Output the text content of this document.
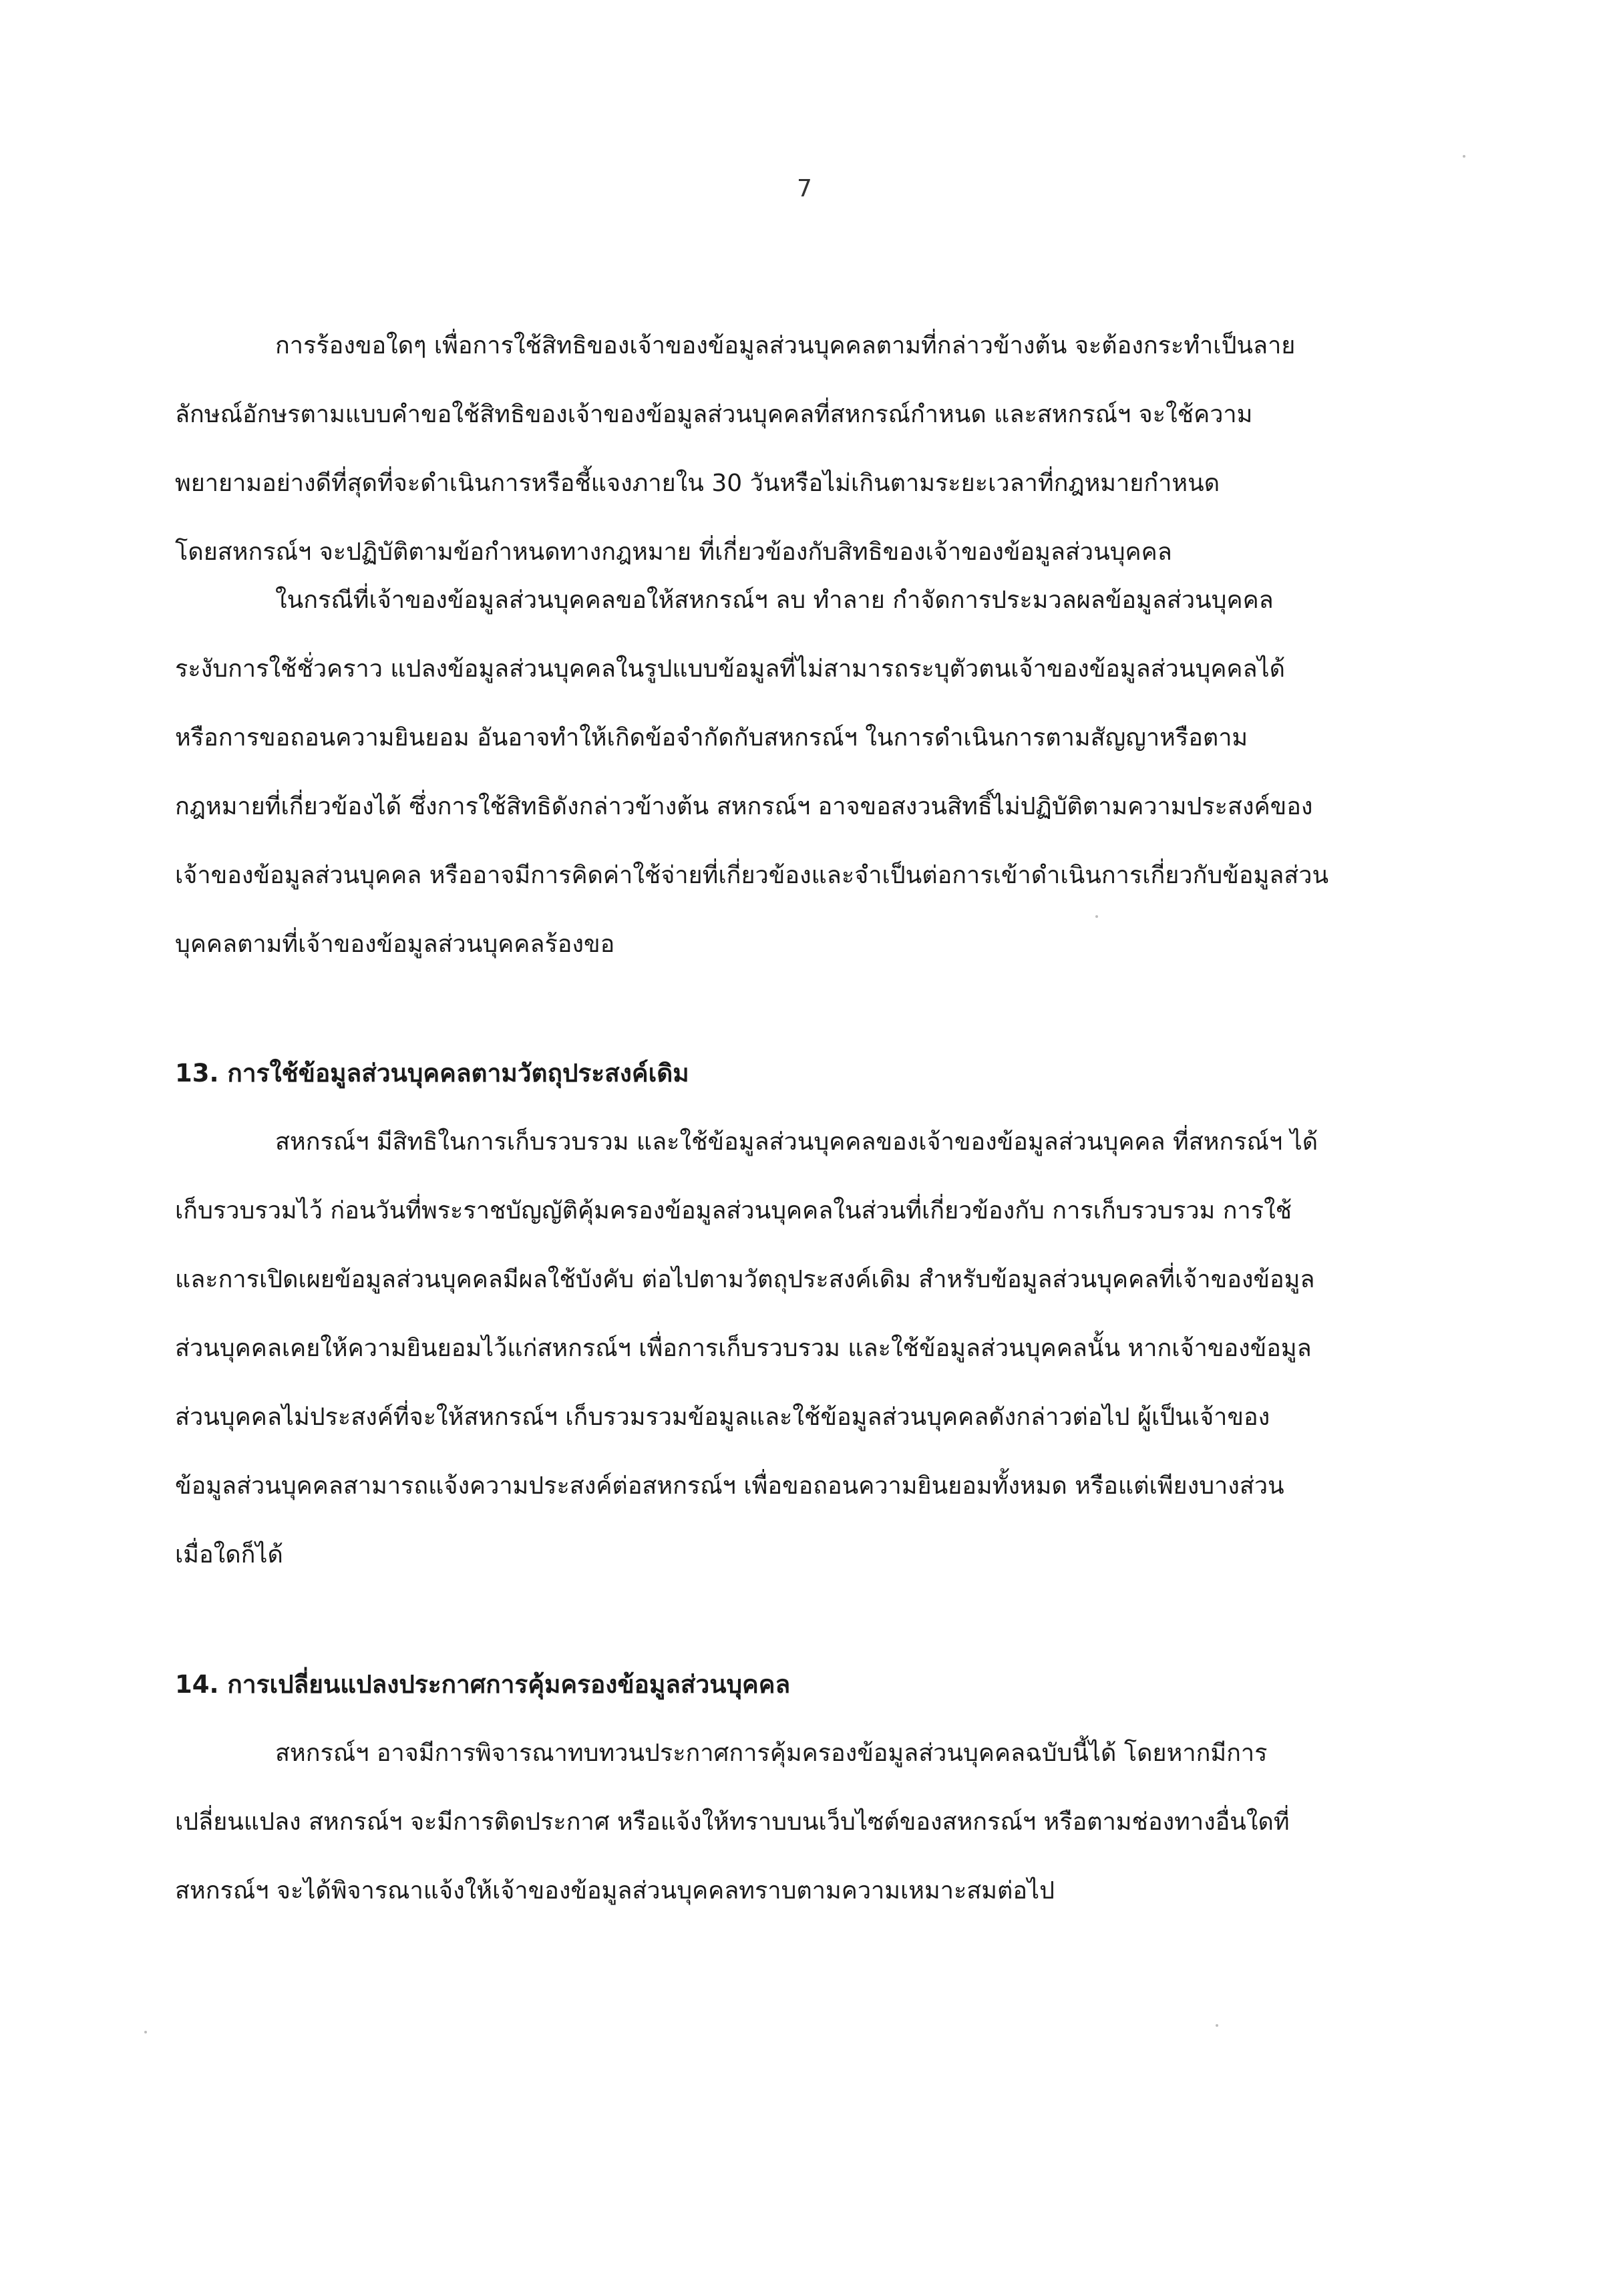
7

การร้องขอใดๆ เพื่อการใช้สิทธิของเจ้าของข้อมูลส่วนบุคคลตามที่กล่าวข้างต้น จะต้องกระทำเป็นลาย
ลักษณ์อักษรตามแบบคำขอใช้สิทธิของเจ้าของข้อมูลส่วนบุคคลที่สหกรณ์กำหนด และสหกรณ์ฯ จะใช้ความ
พยายามอย่างดีที่สุดที่จะดำเนินการหรือชี้แจงภายใน 30 วันหรือไม่เกินตามระยะเวลาที่กฎหมายกำหนด
โดยสหกรณ์ฯ จะปฏิบัติตามข้อกำหนดทางกฎหมาย ที่เกี่ยวข้องกับสิทธิของเจ้าของข้อมูลส่วนบุคคล

ในกรณีที่เจ้าของข้อมูลส่วนบุคคลขอให้สหกรณ์ฯ ลบ ทำลาย กำจัดการประมวลผลข้อมูลส่วนบุคคล
ระงับการใช้ชั่วคราว แปลงข้อมูลส่วนบุคคลในรูปแบบข้อมูลที่ไม่สามารถระบุตัวตนเจ้าของข้อมูลส่วนบุคคลได้
หรือการขอถอนความยินยอม อันอาจทำให้เกิดข้อจำกัดกับสหกรณ์ฯ ในการดำเนินการตามสัญญาหรือตาม
กฎหมายที่เกี่ยวข้องได้ ซึ่งการใช้สิทธิดังกล่าวข้างต้น สหกรณ์ฯ อาจขอสงวนสิทธิ์ไม่ปฏิบัติตามความประสงค์ของ
เจ้าของข้อมูลส่วนบุคคล หรืออาจมีการคิดค่าใช้จ่ายที่เกี่ยวข้องและจำเป็นต่อการเข้าดำเนินการเกี่ยวกับข้อมูลส่วน
บุคคลตามที่เจ้าของข้อมูลส่วนบุคคลร้องขอ

13. การใช้ข้อมูลส่วนบุคคลตามวัตถุประสงค์เดิม

สหกรณ์ฯ มีสิทธิในการเก็บรวบรวม และใช้ข้อมูลส่วนบุคคลของเจ้าของข้อมูลส่วนบุคคล ที่สหกรณ์ฯ ได้
เก็บรวบรวมไว้ ก่อนวันที่พระราชบัญญัติคุ้มครองข้อมูลส่วนบุคคลในส่วนที่เกี่ยวข้องกับ การเก็บรวบรวม การใช้
และการเปิดเผยข้อมูลส่วนบุคคลมีผลใช้บังคับ ต่อไปตามวัตถุประสงค์เดิม สำหรับข้อมูลส่วนบุคคลที่เจ้าของข้อมูล
ส่วนบุคคลเคยให้ความยินยอมไว้แก่สหกรณ์ฯ เพื่อการเก็บรวบรวม และใช้ข้อมูลส่วนบุคคลนั้น หากเจ้าของข้อมูล
ส่วนบุคคลไม่ประสงค์ที่จะให้สหกรณ์ฯ เก็บรวมรวมข้อมูลและใช้ข้อมูลส่วนบุคคลดังกล่าวต่อไป ผู้เป็นเจ้าของ
ข้อมูลส่วนบุคคลสามารถแจ้งความประสงค์ต่อสหกรณ์ฯ เพื่อขอถอนความยินยอมทั้งหมด หรือแต่เพียงบางส่วน
เมื่อใดก็ได้

14. การเปลี่ยนแปลงประกาศการคุ้มครองข้อมูลส่วนบุคคล

สหกรณ์ฯ อาจมีการพิจารณาทบทวนประกาศการคุ้มครองข้อมูลส่วนบุคคลฉบับนี้ได้ โดยหากมีการ
เปลี่ยนแปลง สหกรณ์ฯ จะมีการติดประกาศ หรือแจ้งให้ทราบบนเว็บไซต์ของสหกรณ์ฯ หรือตามช่องทางอื่นใดที่
สหกรณ์ฯ จะได้พิจารณาแจ้งให้เจ้าของข้อมูลส่วนบุคคลทราบตามความเหมาะสมต่อไป
